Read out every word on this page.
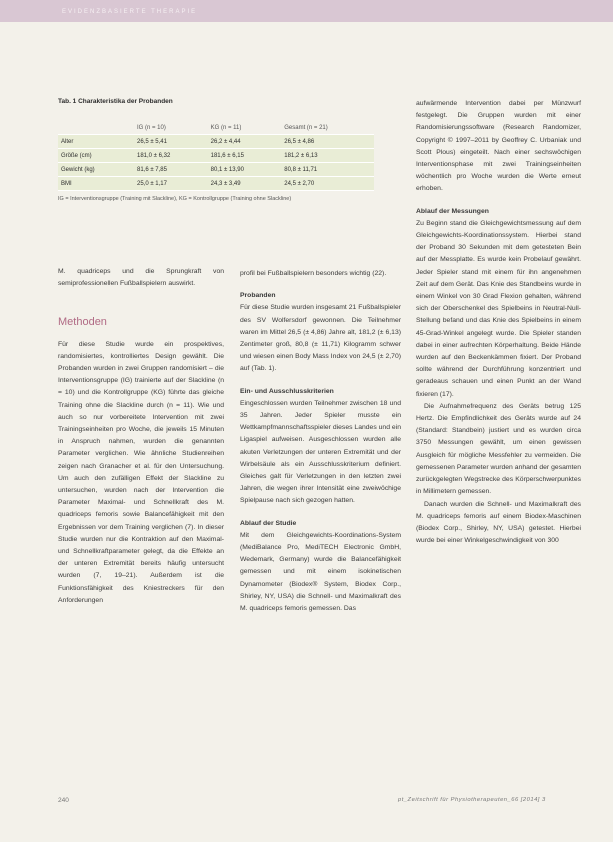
EVIDENZBASIERTE THERAPIE
Tab. 1 Charakteristika der Probanden
	IG (n = 10)	KG (n = 11)	Gesamt (n = 21)
Alter	26,5 ± 5,41	26,2 ± 4,44	26,5 ± 4,86
Größe (cm)	181,0 ± 6,32	181,6 ± 6,15	181,2 ± 6,13
Gewicht (kg)	81,6 ± 7,85	80,1 ± 13,90	80,8 ± 11,71
BMI	25,0 ± 1,17	24,3 ± 3,49	24,5 ± 2,70
IG = Interventionsgruppe (Training mit Slackline), KG = Kontrollgruppe (Training ohne Slackline)

M. quadriceps und die Sprungkraft von semiprofessionellen Fußballspielern auswirkt.

Methoden

Für diese Studie wurde ein prospektives, randomisiertes, kontrolliertes Design gewählt. Die Probanden wurden in zwei Gruppen randomisiert – die Interventionsgruppe (IG) trainierte auf der Slackline (n = 10) und die Kontrollgruppe (KG) führte das gleiche Training ohne die Slackline durch (n = 11). Wie und auch so nur vorbereitete Intervention mit zwei Trainingseinheiten pro Woche, die jeweils 15 Minuten in Anspruch nahmen, wurden die genannten Parameter verglichen. Wie ähnliche Studienreihen zeigen nach Granacher et al. für den Untersuchung. Um auch den zufälligen Effekt der Slackline zu untersuchen, wurden nach der Intervention die Parameter Maximal- und Schnellkraft des M. quadriceps femoris sowie Balancefähigkeit mit den Ergebnissen vor dem Training verglichen (7). In dieser Studie wurden nur die Kontraktion auf den Maximal- und Schnellkraftparameter gelegt, da die Effekte an der unteren Extremität bereits häufig untersucht wurden (7, 19–21). Außerdem ist die Funktionsfähigkeit des Kniestreckers für den Anforderungen

profil bei Fußballspielern besonders wichtig (22).

Probanden

Für diese Studie wurden insgesamt 21 Fußballspieler des SV Wolfersdorf gewonnen. Die Teilnehmer waren im Mittel 26,5 (± 4,86) Jahre alt, 181,2 (± 6,13) Zentimeter groß, 80,8 (± 11,71) Kilogramm schwer und wiesen einen Body Mass Index von 24,5 (± 2,70) auf (Tab. 1).

Ein- und Ausschlusskriterien

Eingeschlossen wurden Teilnehmer zwischen 18 und 35 Jahren. Jeder Spieler musste ein Wettkampfmannschaftsspieler dieses Landes und ein Ligaspiel aufweisen. Ausgeschlossen wurden alle akuten Verletzungen der unteren Extremität und der Wirbelsäule als ein Ausschlusskriterium definiert. Gleiches galt für Verletzungen in den letzten zwei Jahren, die wegen ihrer Intensität eine zweiwöchige Spielpause nach sich gezogen hatten.

Ablauf der Studie

Mit dem Gleichgewichts-Koordinations-System (MediBalance Pro, MediTECH Electronic GmbH, Wedemark, Germany) wurde die Balancefähigkeit gemessen und mit einem isokinetischen Dynamometer (Biodex® System, Biodex Corp., Shirley, NY, USA) die Schnell- und Maximalkraft des M. quadriceps femoris gemessen. Das

aufwärmende Intervention dabei per Münzwurf festgelegt. Die Gruppen wurden mit einer Randomisierungssoftware (Research Randomizer, Copyright © 1997–2011 by Geoffrey C. Urbaniak und Scott Plous) eingeteilt. Nach einer sechswöchigen Interventionsphase mit zwei Trainingseinheiten wöchentlich pro Woche wurden die Werte erneut erhoben.

Ablauf der Messungen

Zu Beginn stand die Gleichgewichtsmessung auf dem Gleichgewichts-Koordinationssystem. Hierbei stand der Proband 30 Sekunden mit dem getesteten Bein auf der Messplatte. Es wurde kein Probelauf gewährt. Jeder Spieler stand mit einem für ihn angenehmen Zeit auf dem Gerät. Das Knie des Standbeins wurde in einem Winkel von 30 Grad Flexion gehalten, während sich der Oberschenkel des Spielbeins in Neutral-Null-Stellung befand und das Knie des Spielbeins in einem 45-Grad-Winkel angelegt wurde. Die Spieler standen dabei in einer aufrechten Körperhaltung. Beide Hände wurden auf den Beckenkämmen fixiert. Der Proband sollte während der Durchführung konzentriert und geradeaus schauen und einen Punkt an der Wand fixieren (17).

Die Aufnahmefrequenz des Geräts betrug 125 Hertz. Die Empfindlichkeit des Geräts wurde auf 24 (Standard: Standbein) justiert und es wurden circa 3750 Messungen gewählt, um einen gewissen Ausgleich für mögliche Messfehler zu vermeiden. Die gemessenen Parameter wurden anhand der gesamten zurückgelegten Wegstrecke des Körperschwerpunktes in Millimetern gemessen.

Danach wurden die Schnell- und Maximalkraft des M. quadriceps femoris auf einem Biodex-Maschinen (Biodex Corp., Shirley, NY, USA) getestet. Hierbei wurde bei einer Winkelgeschwindigkeit von 300

240	pt_Zeitschrift für Physiotherapeuten_66 [2014] 3
